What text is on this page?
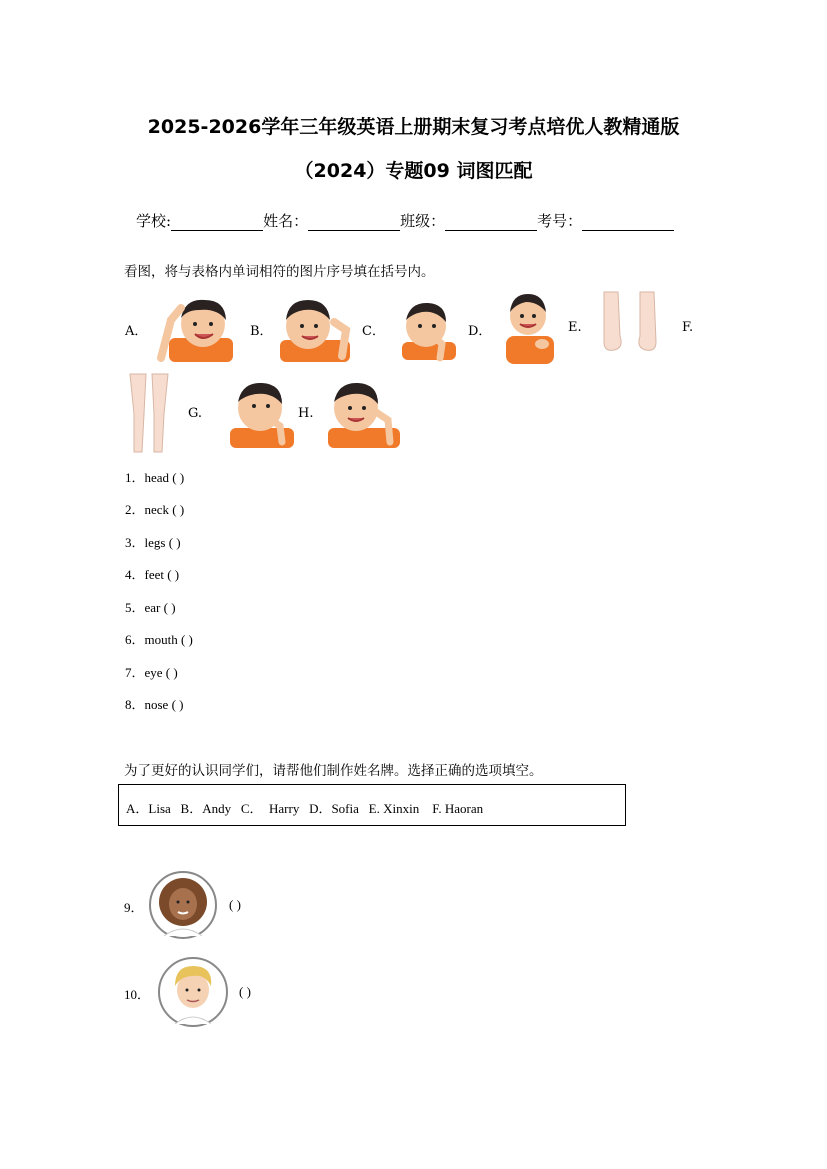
2025-2026学年三年级英语上册期末复习考点培优人教精通版
（2024）专题09 词图匹配
学校:	姓名：	班级：	考号：
看图，将与表格内单词相符的图片序号填在括号内。
A．	B．	C．	D．	E.	F.
G.	H.
1．head ( )
2．neck ( )
3．legs ( )
4．feet ( )
5．ear ( )
6．mouth ( )
7．eye ( )
8．nose ( )
为了更好的认识同学们，请帮他们制作姓名牌。选择正确的选项填空。
A．Lisa   B．Andy   C．  Harry   D．Sofia   E. Xinxin    F. Haoran
9．	( )
10．	( )
